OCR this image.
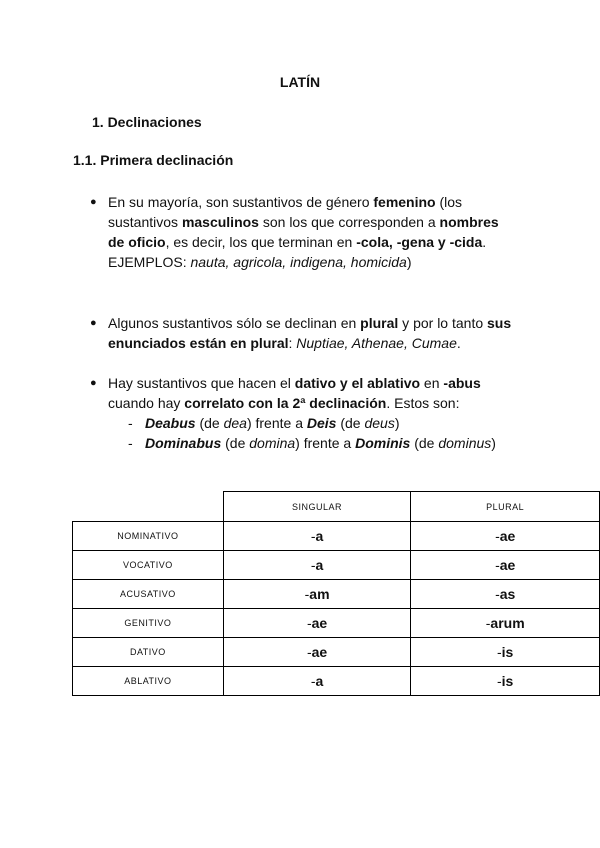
LATÍN
1. Declinaciones
1.1. Primera declinación
● En su mayoría, son sustantivos de género femenino (los sustantivos masculinos son los que corresponden a nombres de oficio, es decir, los que terminan en -cola, -gena y -cida. EJEMPLOS: nauta, agricola, indigena, homicida)
● Algunos sustantivos sólo se declinan en plural y por lo tanto sus enunciados están en plural: Nuptiae, Athenae, Cumae.
● Hay sustantivos que hacen el dativo y el ablativo en -abus cuando hay correlato con la 2ª declinación. Estos son:
- Deabus (de dea) frente a Deis (de deus)
- Dominabus (de domina) frente a Dominis (de dominus)
	SINGULAR	PLURAL
NOMINATIVO	-a	-ae
VOCATIVO	-a	-ae
ACUSATIVO	-am	-as
GENITIVO	-ae	-arum
DATIVO	-ae	-is
ABLATIVO	-a	-is
